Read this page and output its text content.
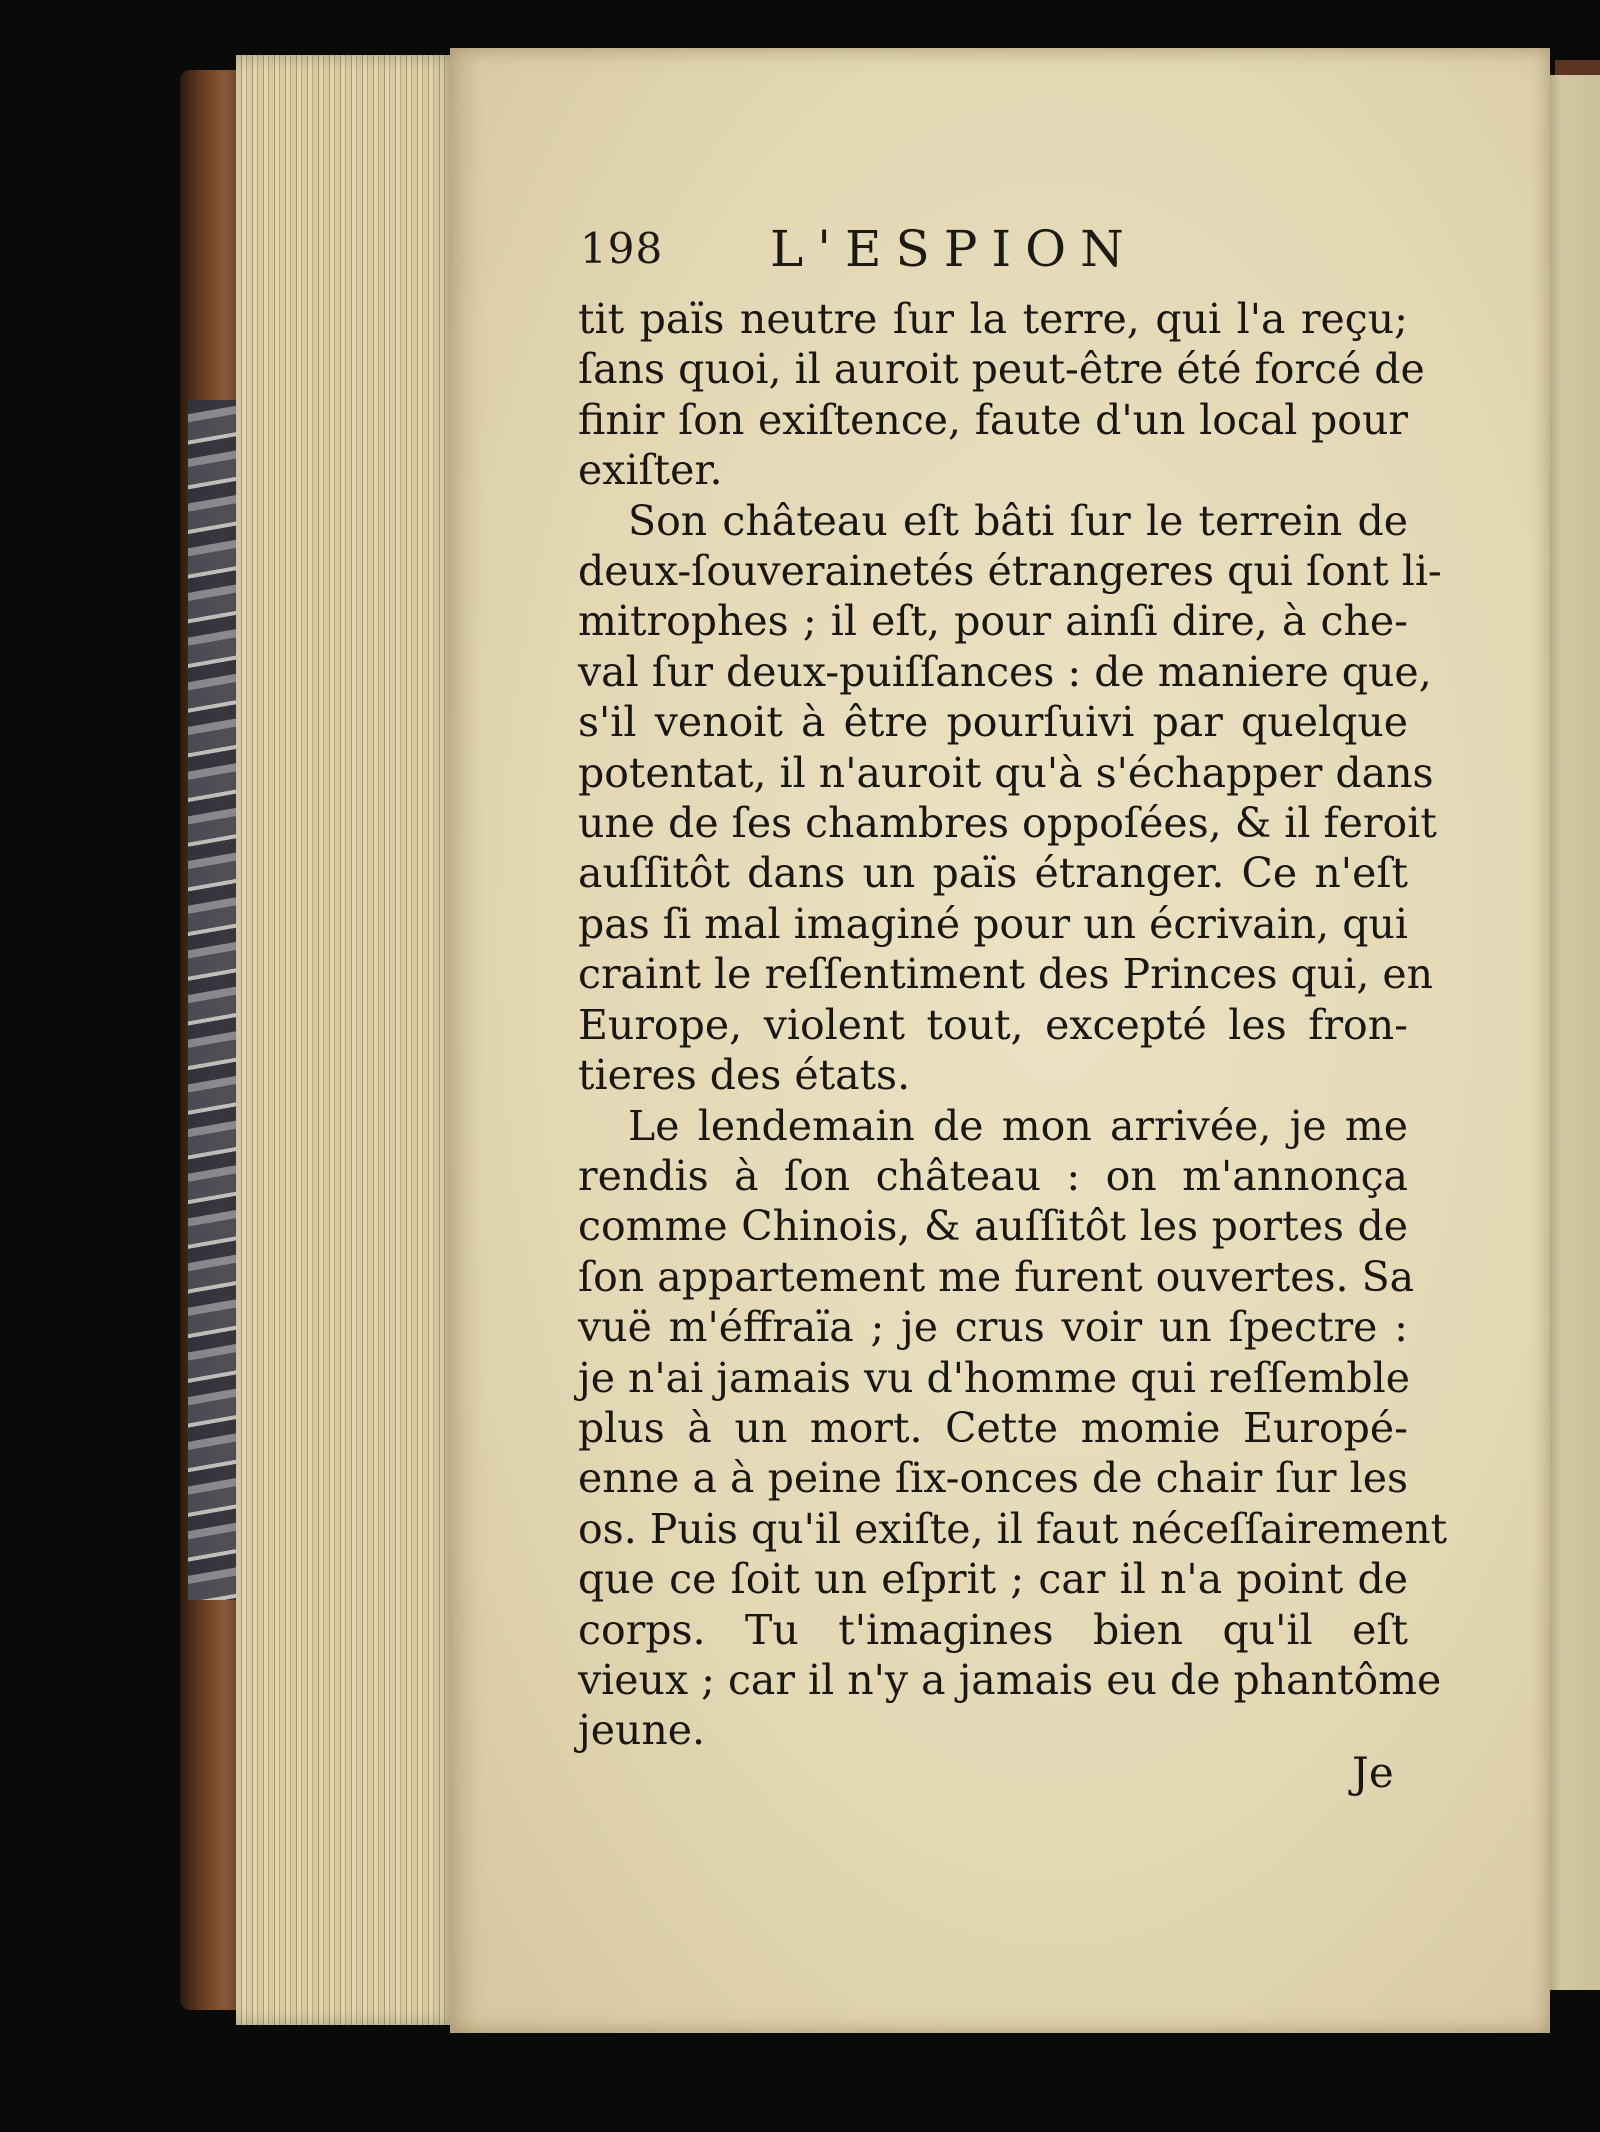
198 L'ESPION
tit païs neutre ſur la terre, qui l'a reçu;
ſans quoi, il auroit peut-être été forcé de
finir ſon exiſtence, faute d'un local pour
exiſter.
Son château eſt bâti ſur le terrein de
deux-ſouverainetés étrangeres qui ſont li-
mitrophes ; il eſt, pour ainſi dire, à che-
val ſur deux-puiſſances : de maniere que,
s'il venoit à être pourſuivi par quelque
potentat, il n'auroit qu'à s'échapper dans
une de ſes chambres oppoſées, & il feroit
auſſitôt dans un païs étranger. Ce n'eſt
pas ſi mal imaginé pour un écrivain, qui
craint le reſſentiment des Princes qui, en
Europe, violent tout, excepté les fron-
tieres des états.
Le lendemain de mon arrivée, je me
rendis à ſon château : on m'annonça
comme Chinois, & auſſitôt les portes de
ſon appartement me furent ouvertes. Sa
vuë m'éffraïa ; je crus voir un ſpectre :
je n'ai jamais vu d'homme qui reſſemble
plus à un mort. Cette momie Europé-
enne a à peine ſix-onces de chair ſur les
os. Puis qu'il exiſte, il faut néceſſairement
que ce ſoit un eſprit ; car il n'a point de
corps. Tu t'imagines bien qu'il eſt
vieux ; car il n'y a jamais eu de phantôme
jeune.
Je
